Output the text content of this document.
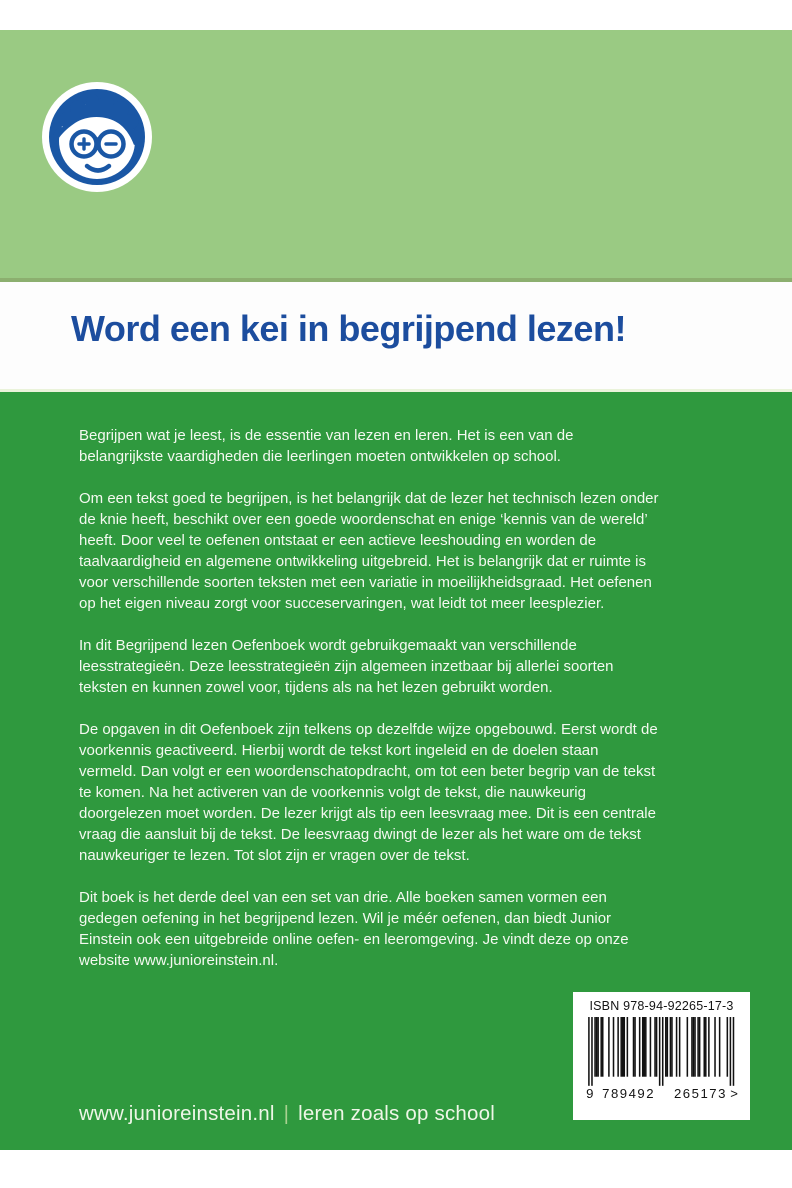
Word een kei in begrijpend lezen!

Begrijpen wat je leest, is de essentie van lezen en leren. Het is een van de belangrijkste vaardigheden die leerlingen moeten ontwikkelen op school.

Om een tekst goed te begrijpen, is het belangrijk dat de lezer het technisch lezen onder de knie heeft, beschikt over een goede woordenschat en enige ‘kennis van de wereld’ heeft. Door veel te oefenen ontstaat er een actieve leeshouding en worden de taalvaardigheid en algemene ontwikkeling uitgebreid. Het is belangrijk dat er ruimte is voor verschillende soorten teksten met een variatie in moeilijkheidsgraad. Het oefenen op het eigen niveau zorgt voor succeservaringen, wat leidt tot meer leesplezier.

In dit Begrijpend lezen Oefenboek wordt gebruikgemaakt van verschillende leesstrategieën. Deze leesstrategieën zijn algemeen inzetbaar bij allerlei soorten teksten en kunnen zowel voor, tijdens als na het lezen gebruikt worden.

De opgaven in dit Oefenboek zijn telkens op dezelfde wijze opgebouwd. Eerst wordt de voorkennis geactiveerd. Hierbij wordt de tekst kort ingeleid en de doelen staan vermeld. Dan volgt er een woordenschatopdracht, om tot een beter begrip van de tekst te komen. Na het activeren van de voorkennis volgt de tekst, die nauwkeurig doorgelezen moet worden. De lezer krijgt als tip een leesvraag mee. Dit is een centrale vraag die aansluit bij de tekst. De leesvraag dwingt de lezer als het ware om de tekst nauwkeuriger te lezen. Tot slot zijn er vragen over de tekst.

Dit boek is het derde deel van een set van drie. Alle boeken samen vormen een gedegen oefening in het begrijpend lezen. Wil je méér oefenen, dan biedt Junior Einstein ook een uitgebreide online oefen- en leeromgeving. Je vindt deze op onze website www.junioreinstein.nl.

ISBN 978-94-92265-17-3
9 789492 265173 >
www.junioreinstein.nl | leren zoals op school
